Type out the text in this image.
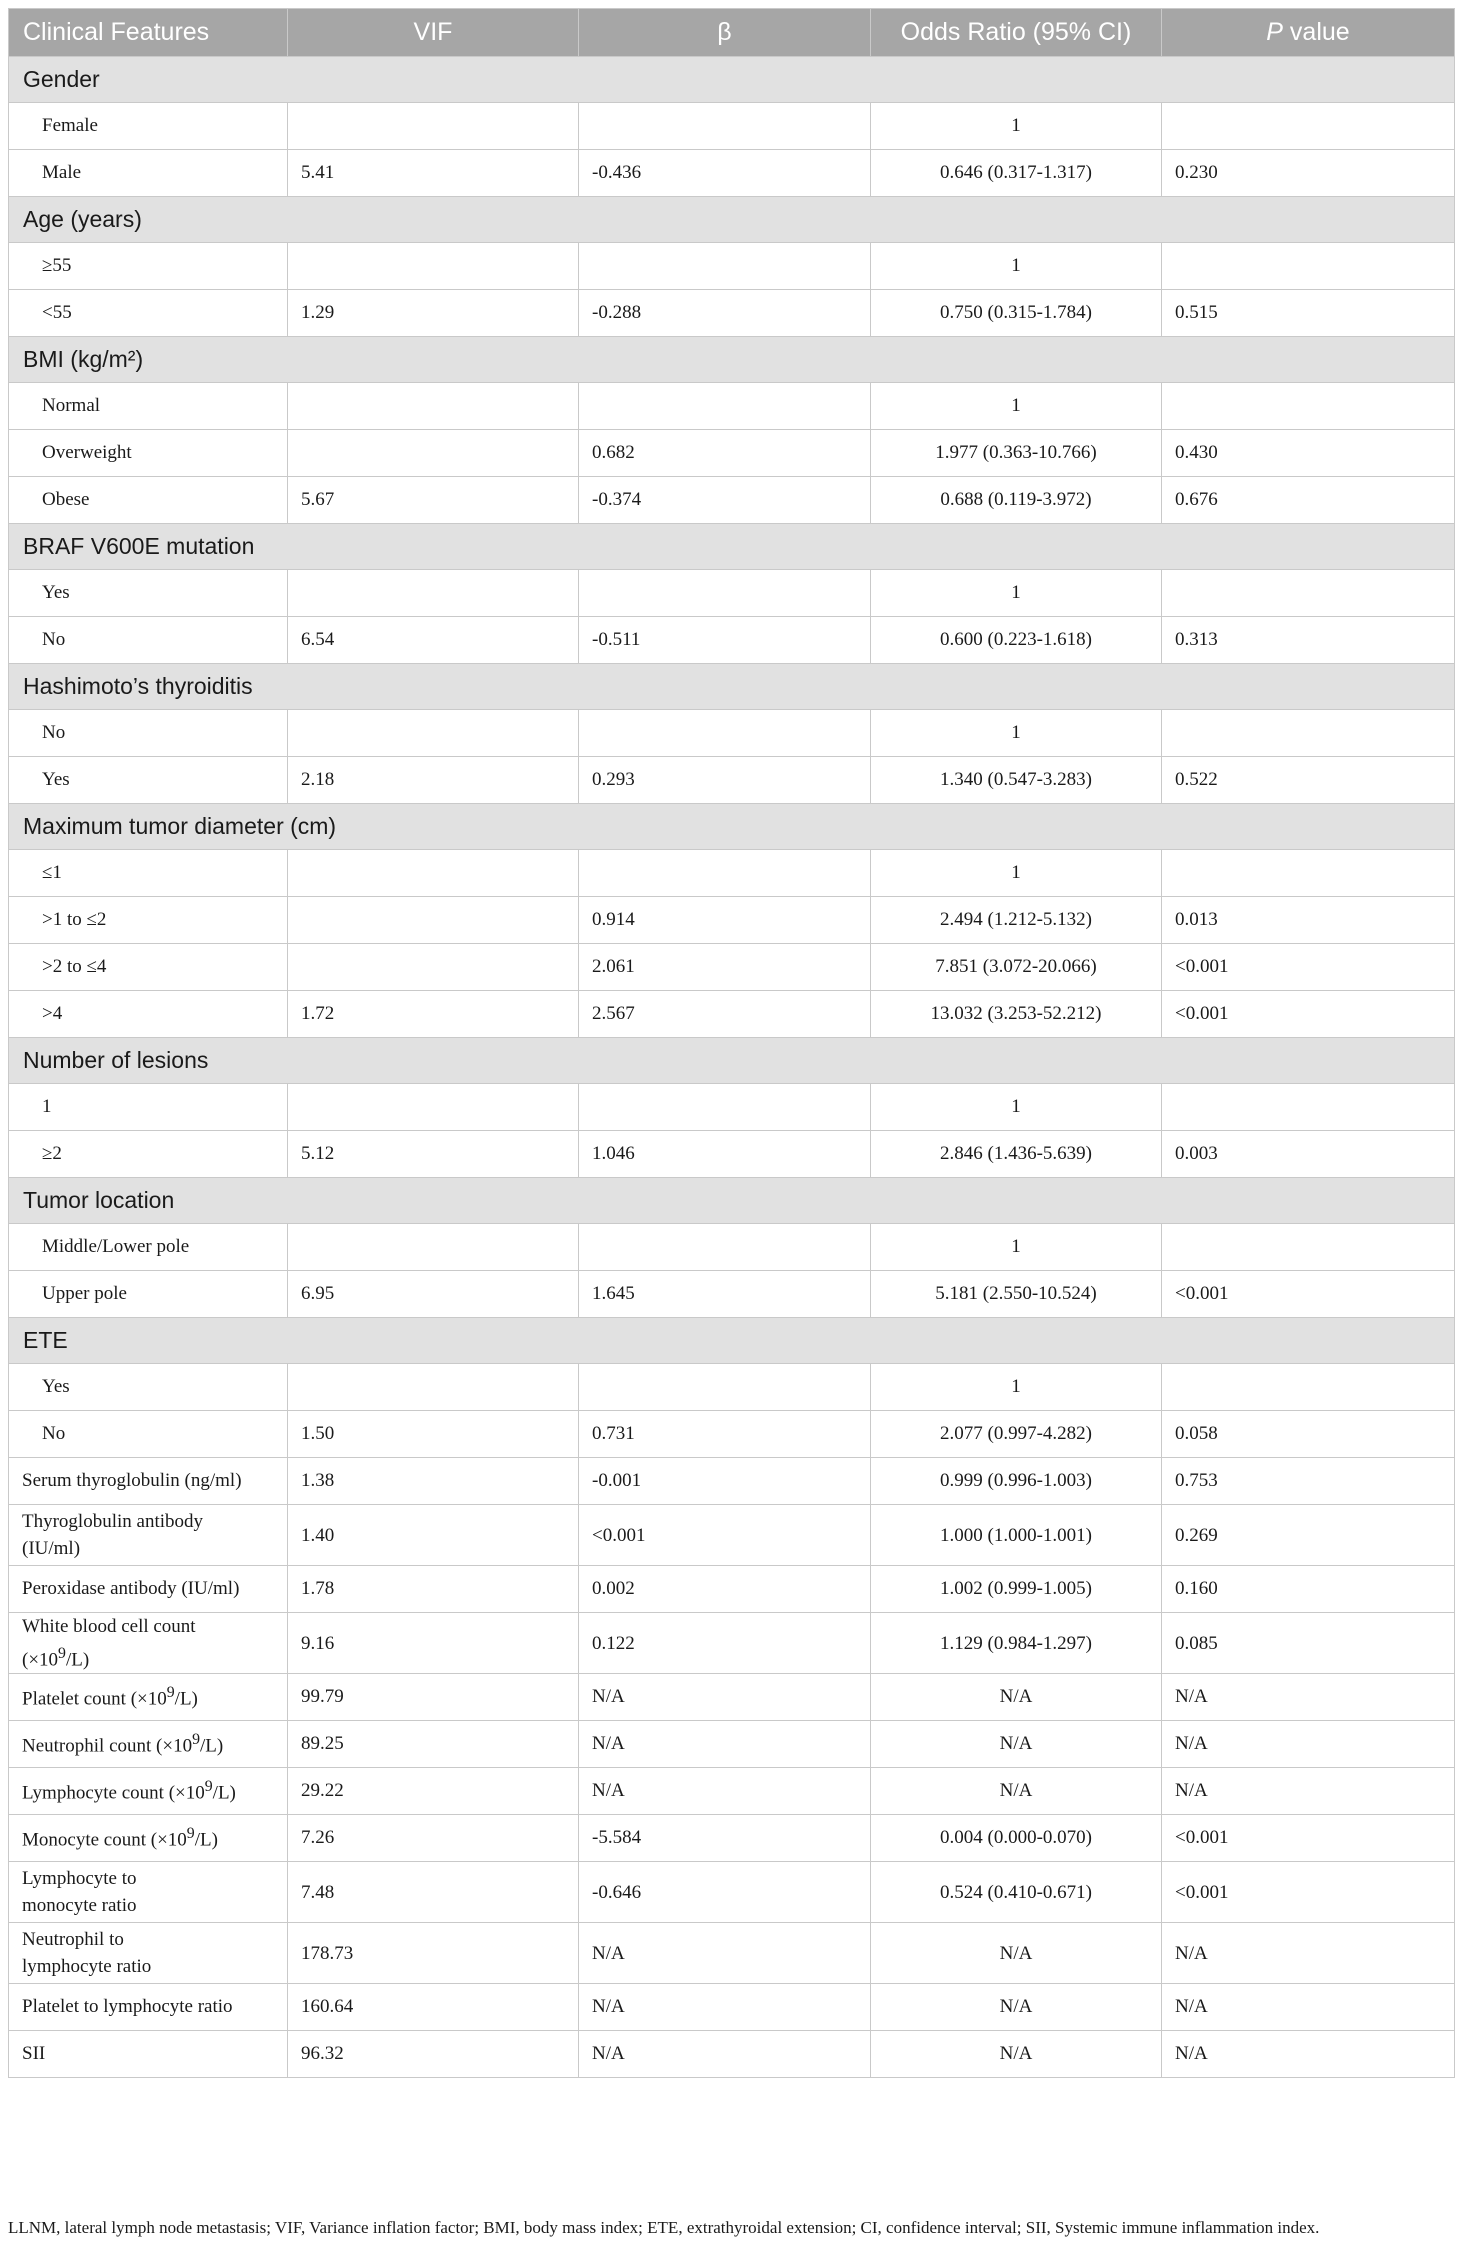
Clinical Features	VIF	β	Odds Ratio (95% CI)	P value
Gender				
Female			1	
Male	5.41	-0.436	0.646 (0.317-1.317)	0.230
Age (years)				
≥55			1	
<55	1.29	-0.288	0.750 (0.315-1.784)	0.515
BMI (kg/m²)				
Normal			1	
Overweight		0.682	1.977 (0.363-10.766)	0.430
Obese	5.67	-0.374	0.688 (0.119-3.972)	0.676
BRAF V600E mutation				
Yes			1	
No	6.54	-0.511	0.600 (0.223-1.618)	0.313
Hashimoto’s thyroiditis				
No			1	
Yes	2.18	0.293	1.340 (0.547-3.283)	0.522
Maximum tumor diameter (cm)				
≤1			1	
>1 to ≤2		0.914	2.494 (1.212-5.132)	0.013
>2 to ≤4		2.061	7.851 (3.072-20.066)	<0.001
>4	1.72	2.567	13.032 (3.253-52.212)	<0.001
Number of lesions				
1			1	
≥2	5.12	1.046	2.846 (1.436-5.639)	0.003
Tumor location				
Middle/Lower pole			1	
Upper pole	6.95	1.645	5.181 (2.550-10.524)	<0.001
ETE				
Yes			1	
No	1.50	0.731	2.077 (0.997-4.282)	0.058
Serum thyroglobulin (ng/ml)	1.38	-0.001	0.999 (0.996-1.003)	0.753
Thyroglobulin antibody
(IU/ml)	1.40	<0.001	1.000 (1.000-1.001)	0.269
Peroxidase antibody (IU/ml)	1.78	0.002	1.002 (0.999-1.005)	0.160
White blood cell count
$(\times 10^9/L)$	9.16	0.122	1.129 (0.984-1.297)	0.085
Platelet count $(\times 10^9/L)$	99.79	N/A	N/A	N/A
Neutrophil count $(\times 10^9/L)$	89.25	N/A	N/A	N/A
Lymphocyte count $(\times 10^9/L)$	29.22	N/A	N/A	N/A
Monocyte count $(\times 10^9/L)$	7.26	-5.584	0.004 (0.000-0.070)	<0.001
Lymphocyte to
monocyte ratio	7.48	-0.646	0.524 (0.410-0.671)	<0.001
Neutrophil to
lymphocyte ratio	178.73	N/A	N/A	N/A
Platelet to lymphocyte ratio	160.64	N/A	N/A	N/A
SII	96.32	N/A	N/A	N/A
LLNM, lateral lymph node metastasis; VIF, Variance inflation factor; BMI, body mass index; ETE, extrathyroidal extension; CI, confidence interval; SII, Systemic immune inflammation index.
